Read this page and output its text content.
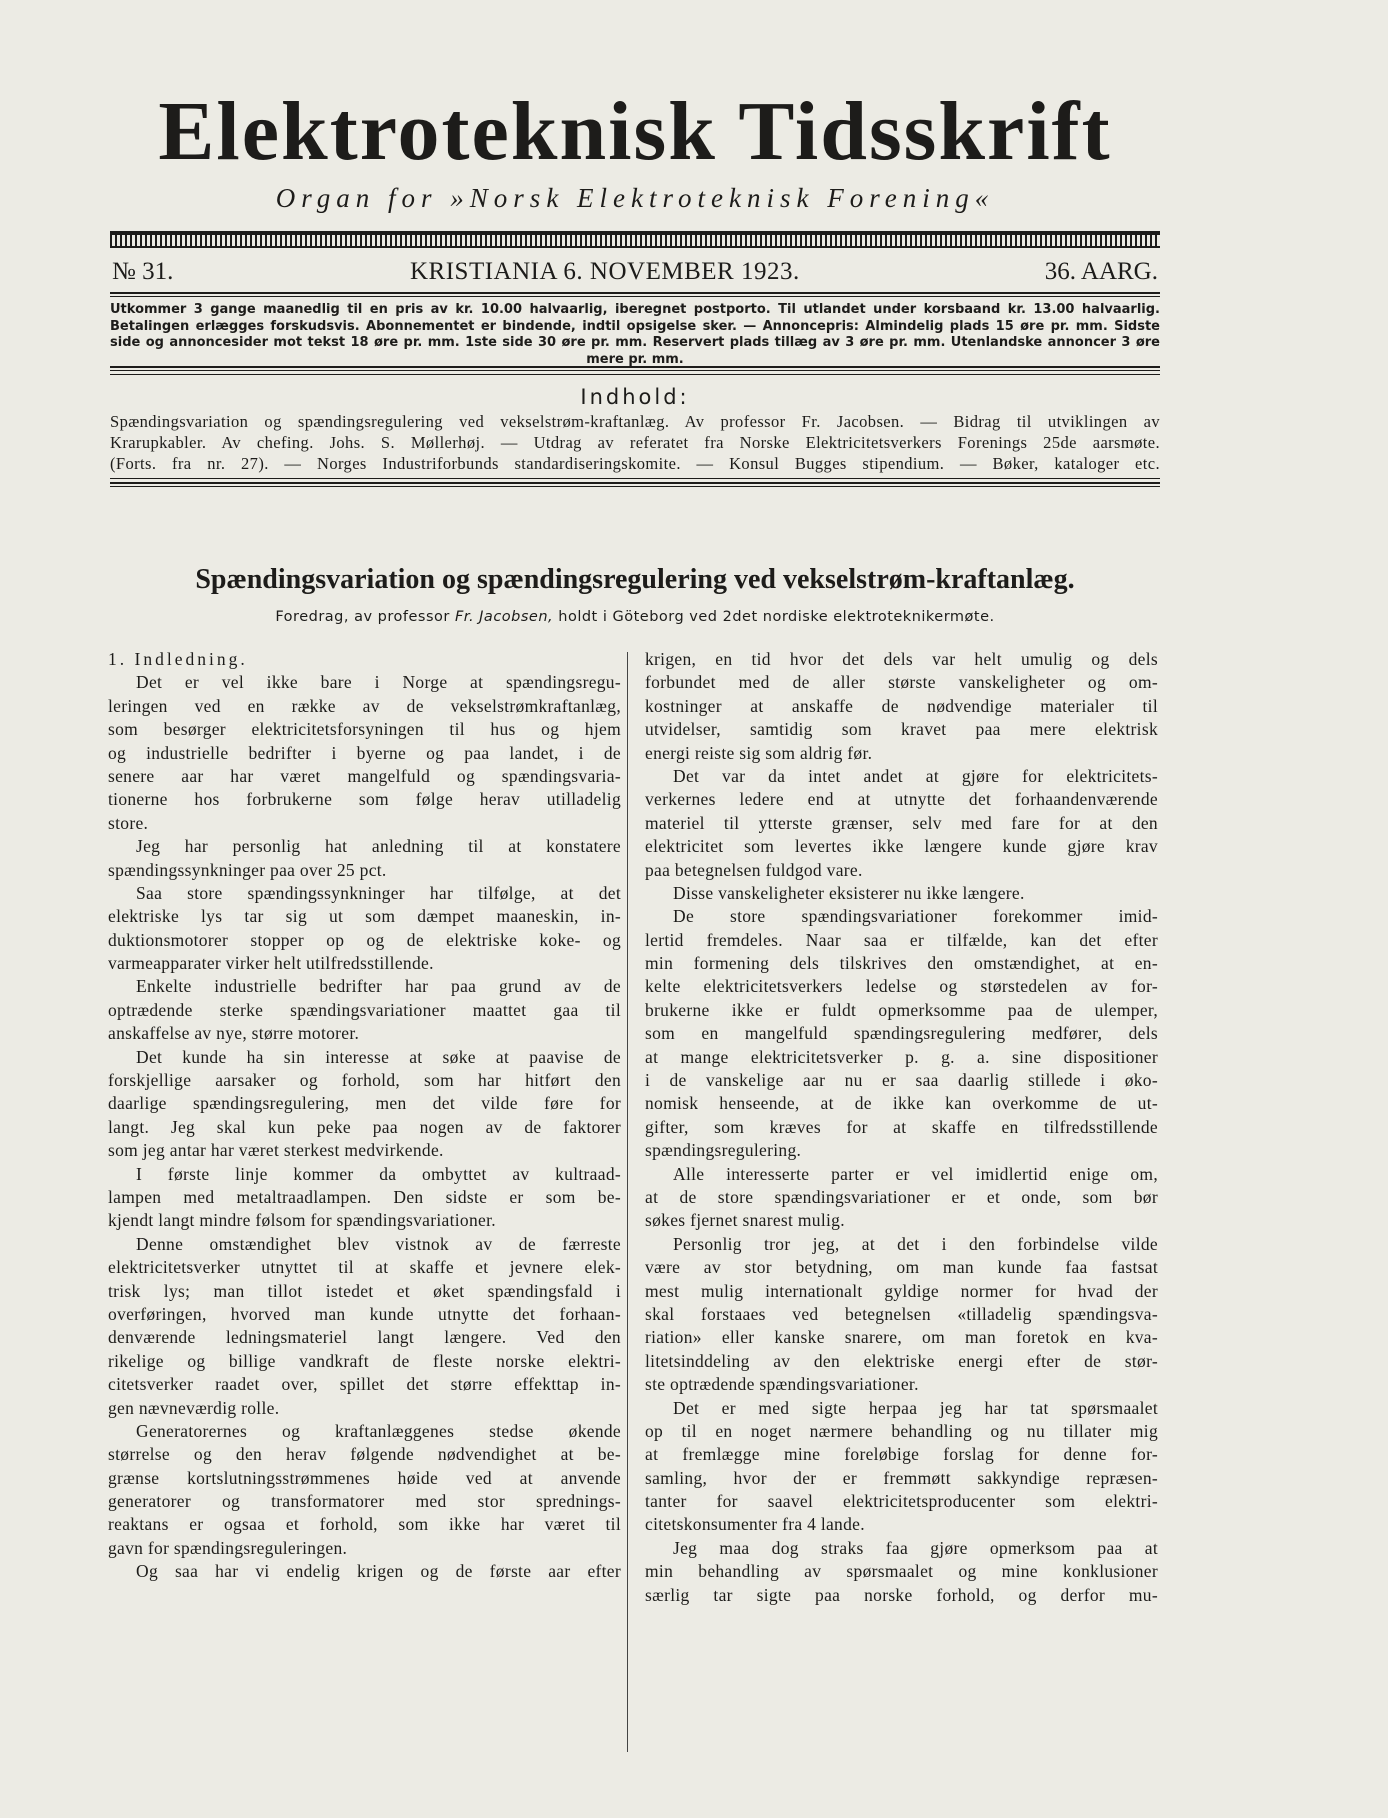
Elektroteknisk Tidsskrift

Organ for »Norsk Elektroteknisk Forening«

№ 31.	KRISTIANIA 6. NOVEMBER 1923.	36. AARG.

Utkommer 3 gange maanedlig til en pris av kr. 10.00 halvaarlig, iberegnet postporto. Til utlandet under korsbaand kr. 13.00 halvaarlig. Betalingen erlægges forskudsvis. Abonnementet er bindende, indtil opsigelse sker. — Annoncepris: Almindelig plads 15 øre pr. mm. Sidste side og annoncesider mot tekst 18 øre pr. mm. 1ste side 30 øre pr. mm. Reservert plads tillæg av 3 øre pr. mm. Utenlandske annoncer 3 øre mere pr. mm.

Indhold:

Spændingsvariation og spændingsregulering ved vekselstrøm-kraftanlæg. Av professor Fr. Jacobsen. — Bidrag til utviklingen av
Krarupkabler. Av chefing. Johs. S. Møllerhøj. — Utdrag av referatet fra Norske Elektricitetsverkers Forenings 25de aarsmøte.
(Forts. fra nr. 27). — Norges Industriforbunds standardiseringskomite. — Konsul Bugges stipendium. — Bøker, kataloger etc.
Spændingsvariation og spændingsregulering ved vekselstrøm-kraftanlæg.

Foredrag, av professor Fr. Jacobsen, holdt i Göteborg ved 2det nordiske elektroteknikermøte.

1. Indledning.
Det er vel ikke bare i Norge at spændingsregu-
leringen ved en række av de vekselstrømkraftanlæg,
som besørger elektricitetsforsyningen til hus og hjem
og industrielle bedrifter i byerne og paa landet, i de
senere aar har været mangelfuld og spændingsvaria-
tionerne hos forbrukerne som følge herav utilladelig
store.
Jeg har personlig hat anledning til at konstatere
spændingssynkninger paa over 25 pct.
Saa store spændingssynkninger har tilfølge, at det
elektriske lys tar sig ut som dæmpet maaneskin, in-
duktionsmotorer stopper op og de elektriske koke- og
varmeapparater virker helt utilfredsstillende.
Enkelte industrielle bedrifter har paa grund av de
optrædende sterke spændingsvariationer maattet gaa til
anskaffelse av nye, større motorer.
Det kunde ha sin interesse at søke at paavise de
forskjellige aarsaker og forhold, som har hitført den
daarlige spændingsregulering, men det vilde føre for
langt. Jeg skal kun peke paa nogen av de faktorer
som jeg antar har været sterkest medvirkende.
I første linje kommer da ombyttet av kultraad-
lampen med metaltraadlampen. Den sidste er som be-
kjendt langt mindre følsom for spændingsvariationer.
Denne omstændighet blev vistnok av de færreste
elektricitetsverker utnyttet til at skaffe et jevnere elek-
trisk lys; man tillot istedet et øket spændingsfald i
overføringen, hvorved man kunde utnytte det forhaan-
denværende ledningsmateriel langt længere. Ved den
rikelige og billige vandkraft de fleste norske elektri-
citetsverker raadet over, spillet det større effekttap in-
gen nævneværdig rolle.
Generatorernes og kraftanlæggenes stedse økende
størrelse og den herav følgende nødvendighet at be-
grænse kortslutningsstrømmenes høide ved at anvende
generatorer og transformatorer med stor sprednings-
reaktans er ogsaa et forhold, som ikke har været til
gavn for spændingsreguleringen.
Og saa har vi endelig krigen og de første aar efter
krigen, en tid hvor det dels var helt umulig og dels
forbundet med de aller største vanskeligheter og om-
kostninger at anskaffe de nødvendige materialer til
utvidelser, samtidig som kravet paa mere elektrisk
energi reiste sig som aldrig før.
Det var da intet andet at gjøre for elektricitets-
verkernes ledere end at utnytte det forhaandenværende
materiel til ytterste grænser, selv med fare for at den
elektricitet som levertes ikke længere kunde gjøre krav
paa betegnelsen fuldgod vare.
Disse vanskeligheter eksisterer nu ikke længere.
De store spændingsvariationer forekommer imid-
lertid fremdeles. Naar saa er tilfælde, kan det efter
min formening dels tilskrives den omstændighet, at en-
kelte elektricitetsverkers ledelse og størstedelen av for-
brukerne ikke er fuldt opmerksomme paa de ulemper,
som en mangelfuld spændingsregulering medfører, dels
at mange elektricitetsverker p. g. a. sine dispositioner
i de vanskelige aar nu er saa daarlig stillede i øko-
nomisk henseende, at de ikke kan overkomme de ut-
gifter, som kræves for at skaffe en tilfredsstillende
spændingsregulering.
Alle interesserte parter er vel imidlertid enige om,
at de store spændingsvariationer er et onde, som bør
søkes fjernet snarest mulig.
Personlig tror jeg, at det i den forbindelse vilde
være av stor betydning, om man kunde faa fastsat
mest mulig internationalt gyldige normer for hvad der
skal forstaaes ved betegnelsen «tilladelig spændingsva-
riation» eller kanske snarere, om man foretok en kva-
litetsinddeling av den elektriske energi efter de stør-
ste optrædende spændingsvariationer.
Det er med sigte herpaa jeg har tat spørsmaalet
op til en noget nærmere behandling og nu tillater mig
at fremlægge mine foreløbige forslag for denne for-
samling, hvor der er fremmøtt sakkyndige repræsen-
tanter for saavel elektricitetsproducenter som elektri-
citetskonsumenter fra 4 lande.
Jeg maa dog straks faa gjøre opmerksom paa at
min behandling av spørsmaalet og mine konklusioner
særlig tar sigte paa norske forhold, og derfor mu-
